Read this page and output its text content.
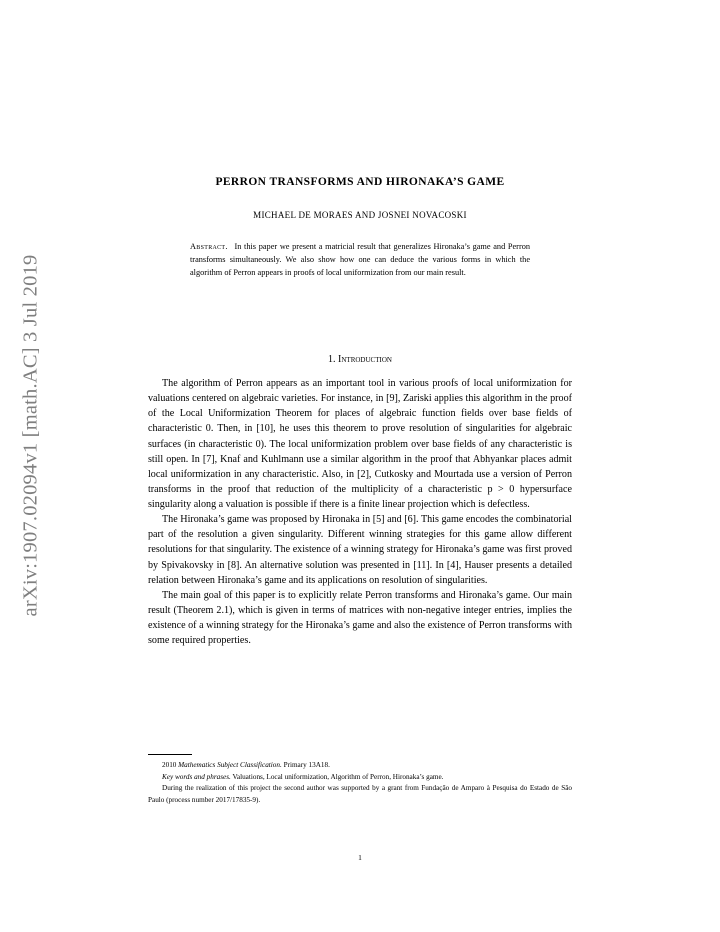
arXiv:1907.02094v1 [math.AC] 3 Jul 2019
PERRON TRANSFORMS AND HIRONAKA’S GAME
MICHAEL DE MORAES AND JOSNEI NOVACOSKI
Abstract. In this paper we present a matricial result that generalizes Hironaka’s game and Perron transforms simultaneously. We also show how one can deduce the various forms in which the algorithm of Perron appears in proofs of local uniformization from our main result.
1. Introduction

The algorithm of Perron appears as an important tool in various proofs of local uniformization for valuations centered on algebraic varieties. For instance, in [9], Zariski applies this algorithm in the proof of the Local Uniformization Theorem for places of algebraic function fields over base fields of characteristic 0. Then, in [10], he uses this theorem to prove resolution of singularities for algebraic surfaces (in characteristic 0). The local uniformization problem over base fields of any characteristic is still open. In [7], Knaf and Kuhlmann use a similar algorithm in the proof that Abhyankar places admit local uniformization in any characteristic. Also, in [2], Cutkosky and Mourtada use a version of Perron transforms in the proof that reduction of the multiplicity of a characteristic p > 0 hypersurface singularity along a valuation is possible if there is a finite linear projection which is defectless.

The Hironaka’s game was proposed by Hironaka in [5] and [6]. This game encodes the combinatorial part of the resolution a given singularity. Different winning strategies for this game allow different resolutions for that singularity. The existence of a winning strategy for Hironaka’s game was first proved by Spivakovsky in [8]. An alternative solution was presented in [11]. In [4], Hauser presents a detailed relation between Hironaka’s game and its applications on resolution of singularities.

The main goal of this paper is to explicitly relate Perron transforms and Hironaka’s game. Our main result (Theorem 2.1), which is given in terms of matrices with non-negative integer entries, implies the existence of a winning strategy for the Hironaka’s game and also the existence of Perron transforms with some required properties.

2010 Mathematics Subject Classification. Primary 13A18.

Key words and phrases. Valuations, Local uniformization, Algorithm of Perron, Hironaka’s game.

During the realization of this project the second author was supported by a grant from Fundação de Amparo à Pesquisa do Estado de São Paulo (process number 2017/17835-9).

1
